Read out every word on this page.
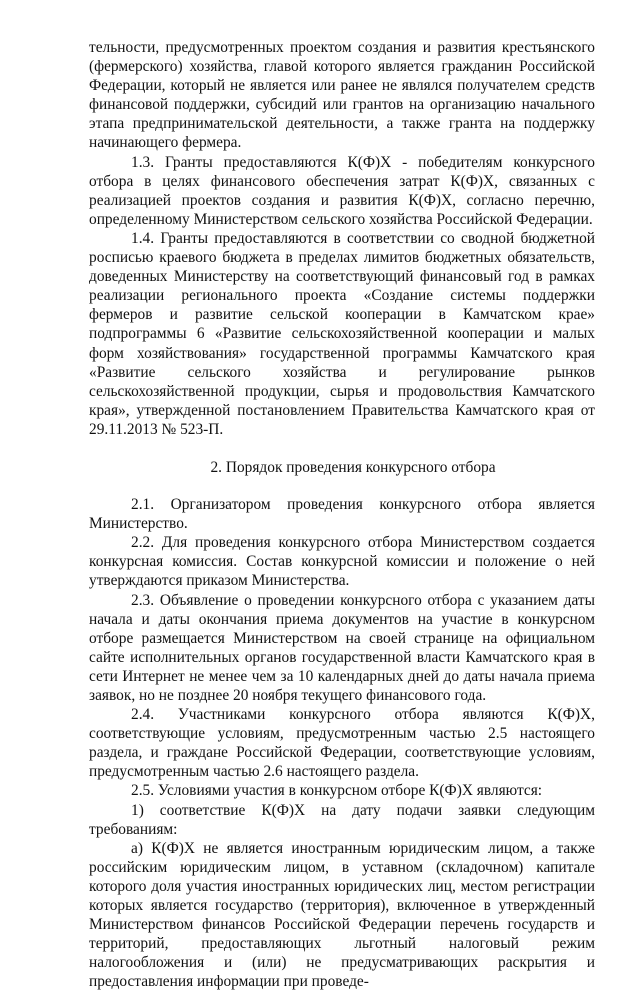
тельности, предусмотренных проектом создания и развития крестьянского (фермерского) хозяйства, главой которого является гражданин Российской Федерации, который не является или ранее не являлся получателем средств финансовой поддержки, субсидий или грантов на организацию начального этапа предпринимательской деятельности, а также гранта на поддержку начинающего фермера.

1.3. Гранты предоставляются К(Ф)Х - победителям конкурсного отбора в целях финансового обеспечения затрат К(Ф)Х, связанных с реализацией проектов создания и развития К(Ф)Х, согласно перечню, определенному Министерством сельского хозяйства Российской Федерации.

1.4. Гранты предоставляются в соответствии со сводной бюджетной росписью краевого бюджета в пределах лимитов бюджетных обязательств, доведенных Министерству на соответствующий финансовый год в рамках реализации регионального проекта «Создание системы поддержки фермеров и развитие сельской кооперации в Камчатском крае» подпрограммы 6 «Развитие сельскохозяйственной кооперации и малых форм хозяйствования» государственной программы Камчатского края «Развитие сельского хозяйства и регулирование рынков сельскохозяйственной продукции, сырья и продовольствия Камчатского края», утвержденной постановлением Правительства Камчатского края от 29.11.2013 № 523-П.

2. Порядок проведения конкурсного отбора

2.1. Организатором проведения конкурсного отбора является Министерство.

2.2. Для проведения конкурсного отбора Министерством создается конкурсная комиссия. Состав конкурсной комиссии и положение о ней утверждаются приказом Министерства.

2.3. Объявление о проведении конкурсного отбора с указанием даты начала и даты окончания приема документов на участие в конкурсном отборе размещается Министерством на своей странице на официальном сайте исполнительных органов государственной власти Камчатского края в сети Интернет не менее чем за 10 календарных дней до даты начала приема заявок, но не позднее 20 ноября текущего финансового года.

2.4. Участниками конкурсного отбора являются К(Ф)Х, соответствующие условиям, предусмотренным частью 2.5 настоящего раздела, и граждане Российской Федерации, соответствующие условиям, предусмотренным частью 2.6 настоящего раздела.

2.5. Условиями участия в конкурсном отборе К(Ф)Х являются:

1) соответствие К(Ф)Х на дату подачи заявки следующим требованиям:

а) К(Ф)Х не является иностранным юридическим лицом, а также российским юридическим лицом, в уставном (складочном) капитале которого доля участия иностранных юридических лиц, местом регистрации которых является государство (территория), включенное в утвержденный Министерством финансов Российской Федерации перечень государств и территорий, предоставляющих льготный налоговый режим налогообложения и (или) не предусматривающих раскрытия и предоставления информации при проведе-
